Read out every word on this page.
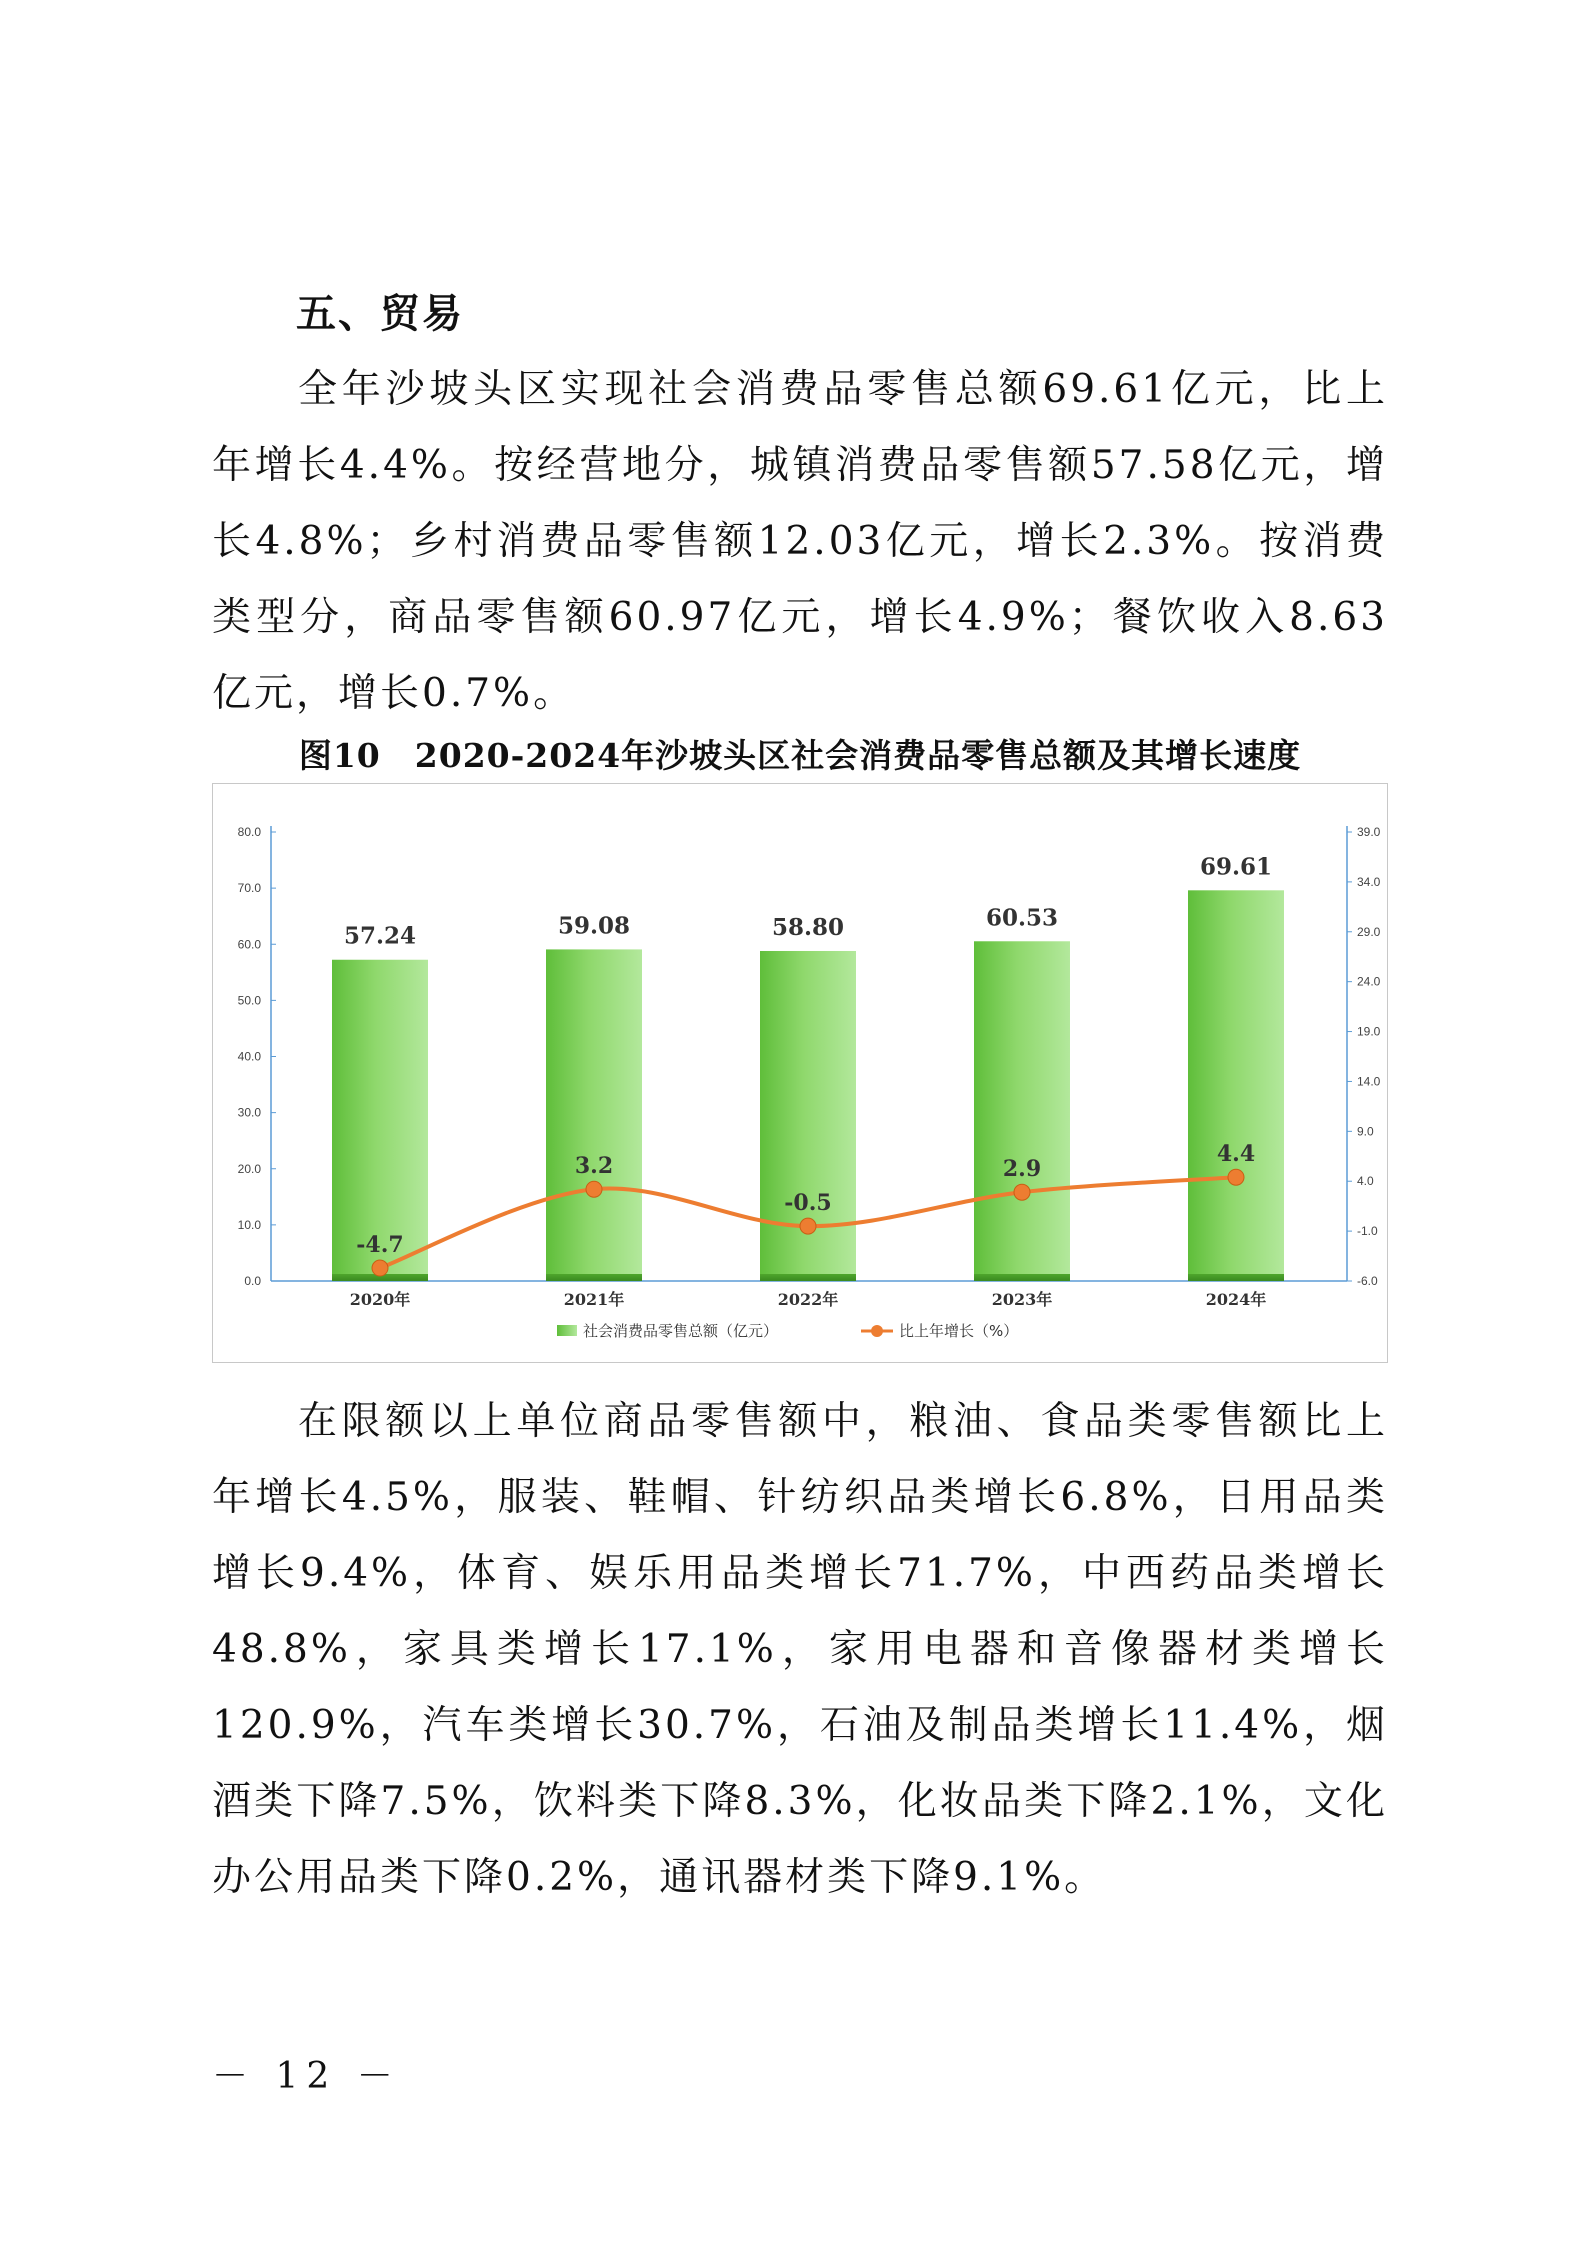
五、贸易

全年沙坡头区实现社会消费品零售总额69.61亿元，比上年增长4.4%。按经营地分，城镇消费品零售额57.58亿元，增长4.8%；乡村消费品零售额12.03亿元，增长2.3%。按消费类型分，商品零售额60.97亿元，增长4.9%；餐饮收入8.63亿元，增长0.7%。

图10　2020-2024年沙坡头区社会消费品零售总额及其增长速度
0.0
10.0
20.0
30.0
40.0
50.0
60.0
70.0
80.0
-6.0
-1.0
4.0
9.0
14.0
19.0
24.0
29.0
34.0
39.0
2020年	2021年	2022年	2023年	2024年
57.24	59.08	58.80	60.53
69.61
-4.7
3.2
-0.5
2.9
4.4
社会消费品零售总额（亿元）	比上年增长（%）

在限额以上单位商品零售额中，粮油、食品类零售额比上年增长4.5%，服装、鞋帽、针纺织品类增长6.8%，日用品类增长9.4%，体育、娱乐用品类增长71.7%，中西药品类增长48.8%，家具类增长17.1%，家用电器和音像器材类增长120.9%，汽车类增长30.7%，石油及制品类增长11.4%，烟酒类下降7.5%，饮料类下降8.3%，化妆品类下降2.1%，文化办公用品类下降0.2%，通讯器材类下降9.1%。

－ 12 －
